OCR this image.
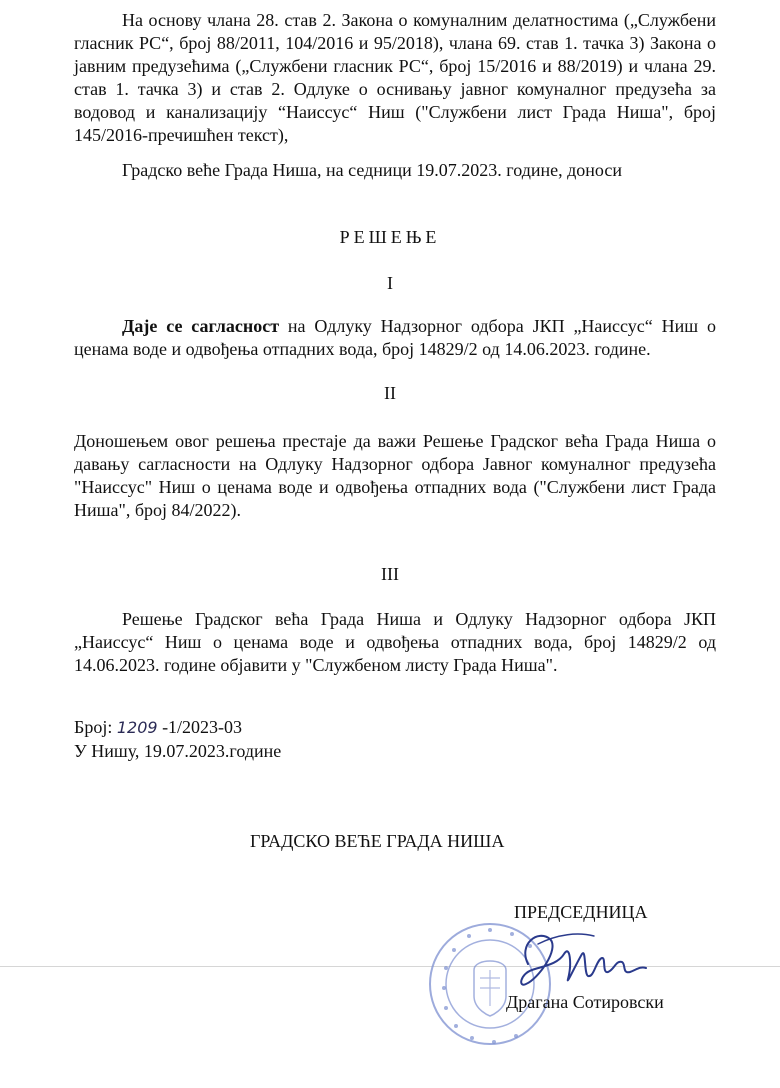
На основу члана 28. став 2. Закона о комуналним делатностима („Службени гласник РС“, број 88/2011, 104/2016 и 95/2018), члана 69. став 1. тачка 3) Закона о јавним предузећима („Службени гласник РС“, број 15/2016 и 88/2019) и члана 29. став 1. тачка 3) и став 2. Одлуке о оснивању јавног комуналног предузећа за водовод и канализацију “Наиссус“ Ниш ("Службени лист Града Ниша", број 145/2016-пречишћен текст),

Градско веће Града Ниша, на седници 19.07.2023. године, доноси
РЕШЕЊЕ
I

Даје се сагласност на Одлуку Надзорног одбора ЈКП „Наиссус“ Ниш о ценама воде и одвођења отпадних вода, број 14829/2 од 14.06.2023. године.

II

Доношењем овог решења престаје да важи Решење Градског већа Града Ниша о давању сагласности на Одлуку Надзорног одбора Јавног комуналног предузећа "Наиссус" Ниш о ценама воде и одвођења отпадних вода ("Службени лист Града Ниша", број 84/2022).

III

Решење Градског већа Града Ниша и Одлуку Надзорног одбора ЈКП „Наиссус“ Ниш о ценама воде и одвођења отпадних вода, број 14829/2 од 14.06.2023. године објавити у "Службеном листу Града Ниша".

Број: 1209 -1/2023-03
У Нишу, 19.07.2023.године
ГРАДСКО ВЕЋЕ ГРАДА НИША
ПРЕДСЕДНИЦА
Драгана Сотировски
